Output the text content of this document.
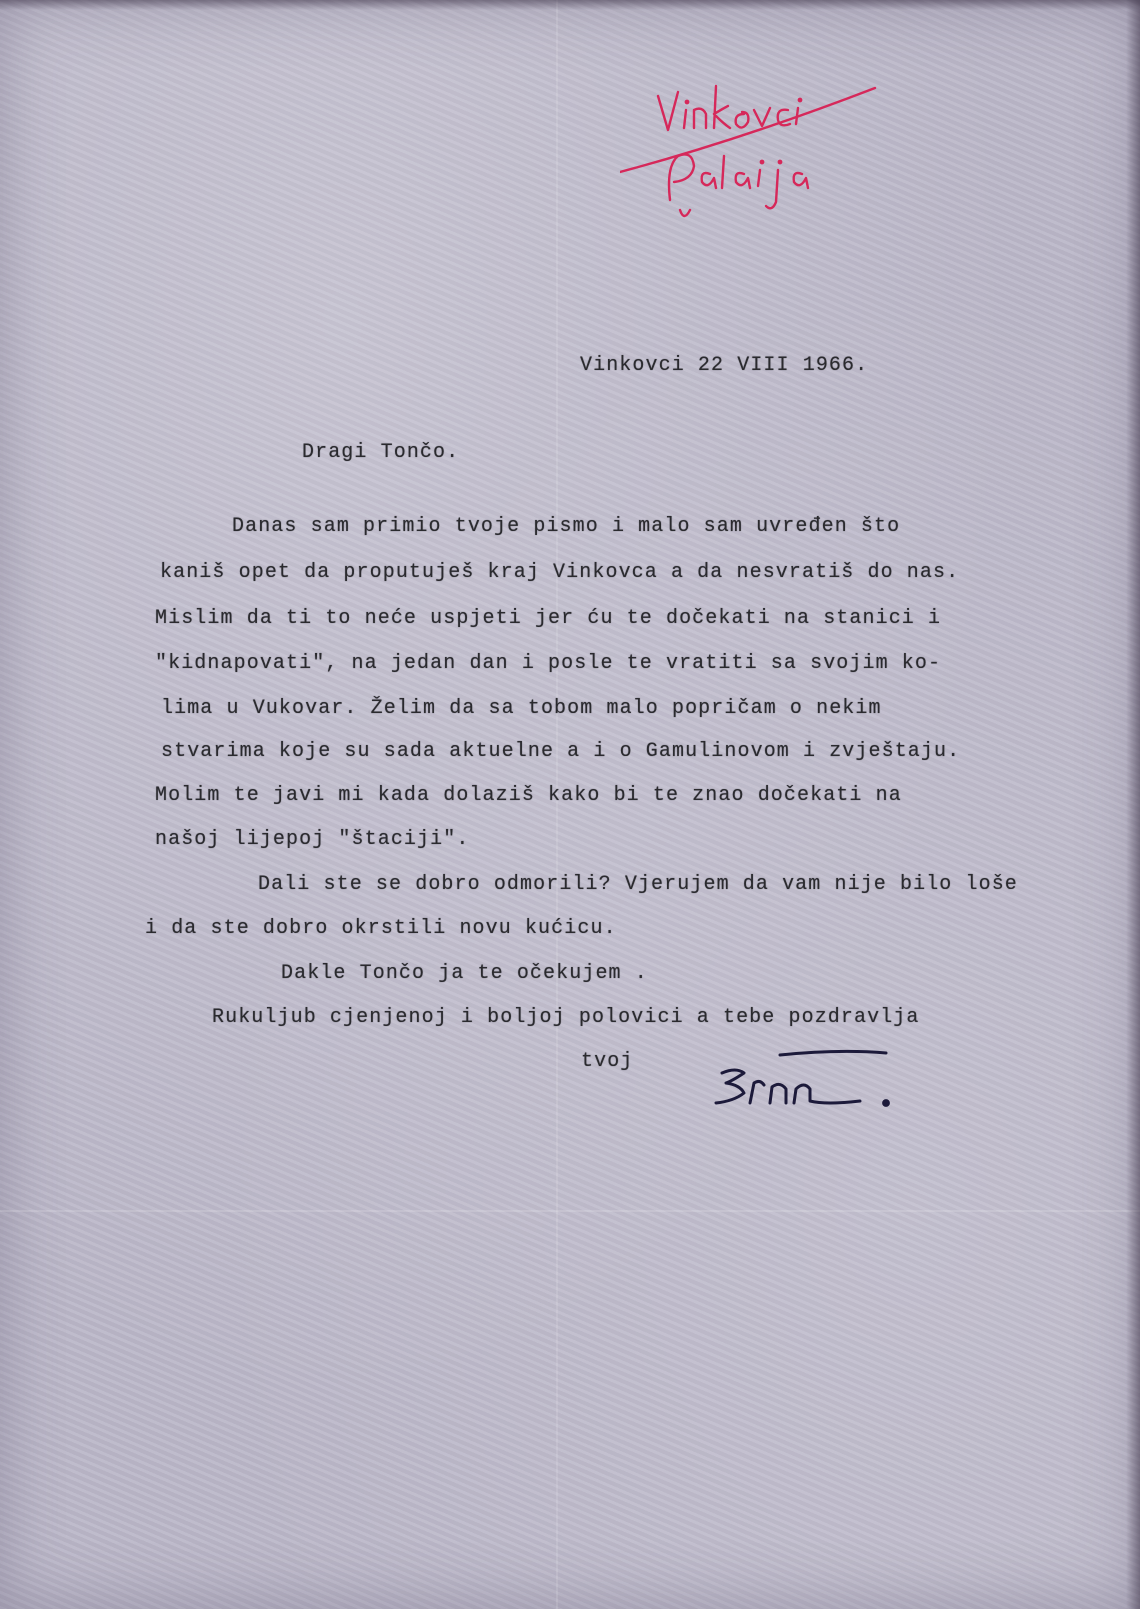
Vinkovci 22 VIII 1966.
Dragi Tončo.
Danas sam primio tvoje pismo i malo sam uvređen što
kaniš opet da proputuješ kraj Vinkovca a da nesvratiš do nas.
Mislim da ti to neće uspjeti jer ću te dočekati na stanici i
"kidnapovati", na jedan dan i posle te vratiti sa svojim ko-
lima u Vukovar. Želim da sa tobom malo popričam o nekim
stvarima koje su sada aktuelne a i o Gamulinovom i zvještaju.
Molim te javi mi kada dolaziš kako bi te znao dočekati na
našoj lijepoj "štaciji".
Dali ste se dobro odmorili? Vjerujem da vam nije bilo loše
i da ste dobro okrstili novu kućicu.
Dakle Tončo ja te očekujem .
Rukuljub cjenjenoj i boljoj polovici a tebe pozdravlja
tvoj
